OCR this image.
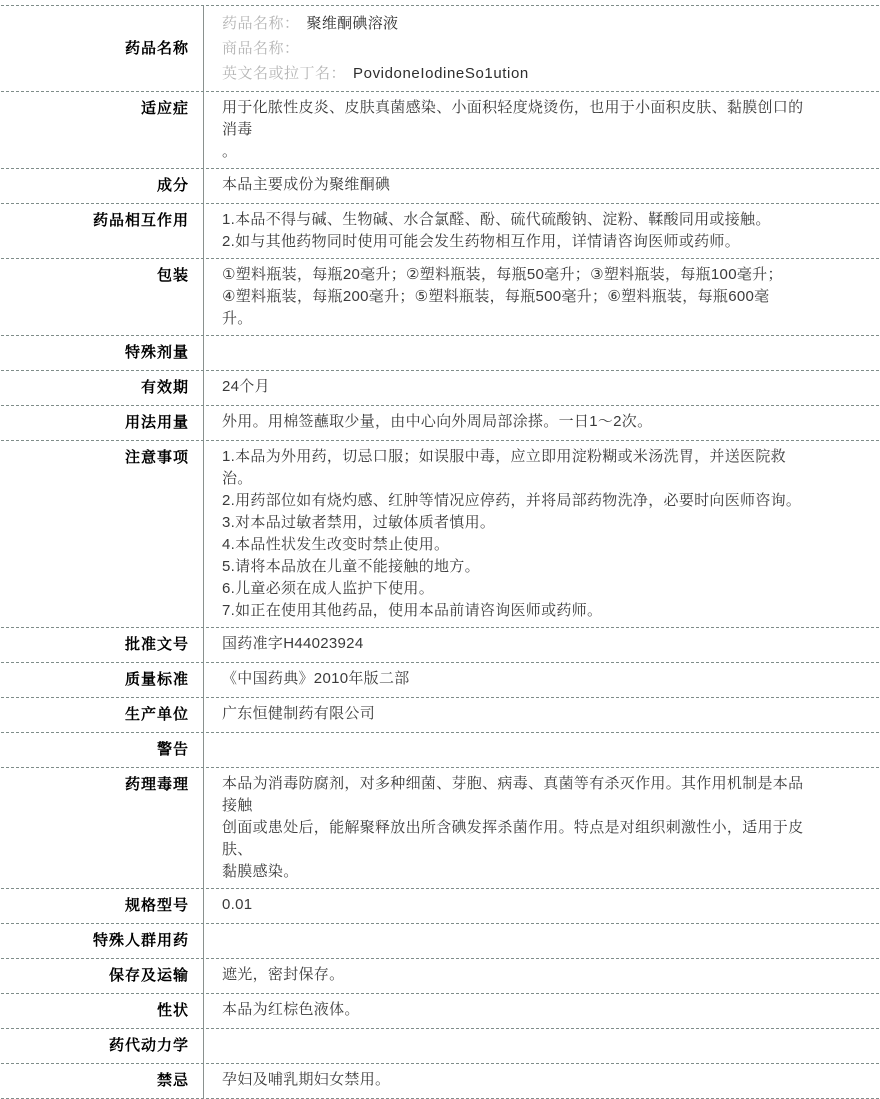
药品名称
药品名称： 聚维酮碘溶液
商品名称：
英文名或拉丁名： PovidoneIodineSo1ution
适应症 用于化脓性皮炎、皮肤真菌感染、小面积轻度烧烫伤，也用于小面积皮肤、黏膜创口的消毒
。
成分 本品主要成份为聚维酮碘
药品相互作用 1.本品不得与碱、生物碱、水合氯醛、酚、硫代硫酸钠、淀粉、鞣酸同用或接触。
2.如与其他药物同时使用可能会发生药物相互作用，详情请咨询医师或药师。
包装 ①塑料瓶装，每瓶20毫升；②塑料瓶装，每瓶50毫升；③塑料瓶装，每瓶100毫升；
④塑料瓶装，每瓶200毫升；⑤塑料瓶装，每瓶500毫升；⑥塑料瓶装，每瓶600毫
升。
特殊剂量
有效期 24个月
用法用量 外用。用棉签蘸取少量，由中心向外周局部涂搽。一日1～2次。
注意事项 1.本品为外用药，切忌口服；如误服中毒，应立即用淀粉糊或米汤洗胃，并送医院救治。
2.用药部位如有烧灼感、红肿等情况应停药，并将局部药物洗净，必要时向医师咨询。
3.对本品过敏者禁用，过敏体质者慎用。
4.本品性状发生改变时禁止使用。
5.请将本品放在儿童不能接触的地方。
6.儿童必须在成人监护下使用。
7.如正在使用其他药品，使用本品前请咨询医师或药师。
批准文号 国药准字H44023924
质量标准 《中国药典》2010年版二部
生产单位 广东恒健制药有限公司
警告
药理毒理 本品为消毒防腐剂，对多种细菌、芽胞、病毒、真菌等有杀灭作用。其作用机制是本品接触
创面或患处后，能解聚释放出所含碘发挥杀菌作用。特点是对组织刺激性小，适用于皮肤、
黏膜感染。
规格型号 0.01
特殊人群用药
保存及运输 遮光，密封保存。
性状 本品为红棕色液体。
药代动力学
禁忌 孕妇及哺乳期妇女禁用。
